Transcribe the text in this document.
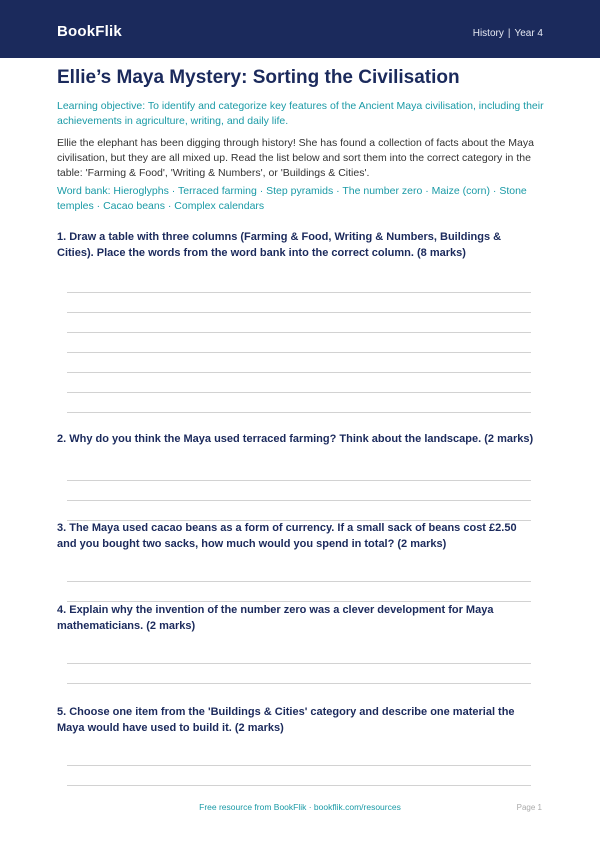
BookFlik	History | Year 4
Ellie’s Maya Mystery: Sorting the Civilisation
Learning objective: To identify and categorize key features of the Ancient Maya civilisation, including their achievements in agriculture, writing, and daily life.
Ellie the elephant has been digging through history! She has found a collection of facts about the Maya civilisation, but they are all mixed up. Read the list below and sort them into the correct category in the table: 'Farming & Food', 'Writing & Numbers', or 'Buildings & Cities'.
Word bank: Hieroglyphs · Terraced farming · Step pyramids · The number zero · Maize (corn) · Stone temples · Cacao beans · Complex calendars
1. Draw a table with three columns (Farming & Food, Writing & Numbers, Buildings & Cities). Place the words from the word bank into the correct column. (8 marks)
2. Why do you think the Maya used terraced farming? Think about the landscape. (2 marks)
3. The Maya used cacao beans as a form of currency. If a small sack of beans cost £2.50 and you bought two sacks, how much would you spend in total? (2 marks)
4. Explain why the invention of the number zero was a clever development for Maya mathematicians. (2 marks)
5. Choose one item from the 'Buildings & Cities' category and describe one material the Maya would have used to build it. (2 marks)
Free resource from BookFlik · bookflik.com/resources	Page 1
